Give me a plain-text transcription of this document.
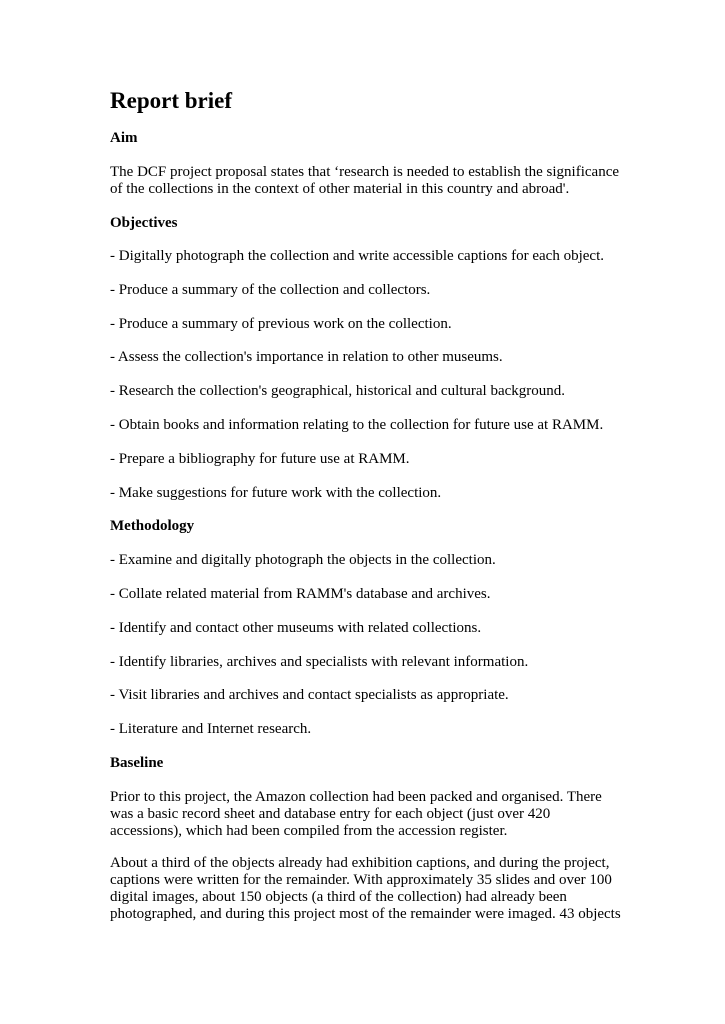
Report brief
Aim

The DCF project proposal states that ‘research is needed to establish the significance of the collections in the context of other material in this country and abroad'.

Objectives

- Digitally photograph the collection and write accessible captions for each object.

- Produce a summary of the collection and collectors.

- Produce a summary of previous work on the collection.

- Assess the collection's importance in relation to other museums.

- Research the collection's geographical, historical and cultural background.

- Obtain books and information relating to the collection for future use at RAMM.

- Prepare a bibliography for future use at RAMM.

- Make suggestions for future work with the collection.

Methodology

- Examine and digitally photograph the objects in the collection.

- Collate related material from RAMM's database and archives.

- Identify and contact other museums with related collections.

- Identify libraries, archives and specialists with relevant information.

- Visit libraries and archives and contact specialists as appropriate.

- Literature and Internet research.

Baseline

Prior to this project, the Amazon collection had been packed and organised. There was a basic record sheet and database entry for each object (just over 420 accessions), which had been compiled from the accession register.

About a third of the objects already had exhibition captions, and during the project, captions were written for the remainder. With approximately 35 slides and over 100 digital images, about 150 objects (a third of the collection) had already been photographed, and during this project most of the remainder were imaged. 43 objects
